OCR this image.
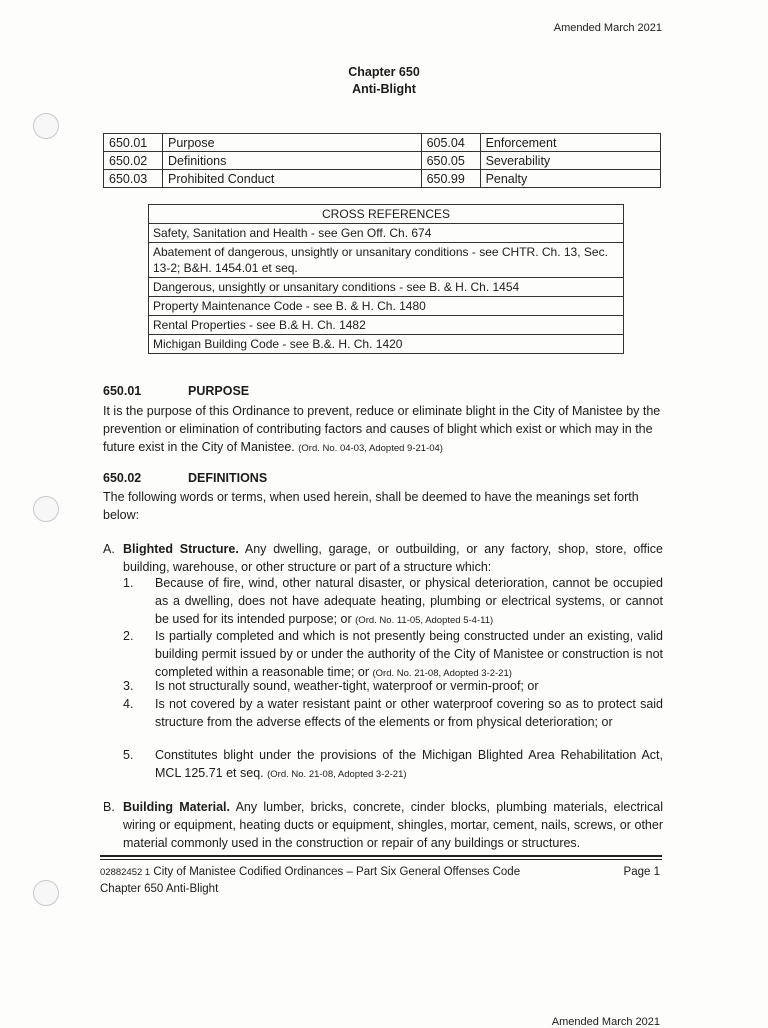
Amended March 2021
Chapter 650
Anti-Blight
650.01	Purpose	605.04	Enforcement
650.02	Definitions	650.05	Severability
650.03	Prohibited Conduct	650.99	Penalty
CROSS REFERENCES
Safety, Sanitation and Health - see Gen Off. Ch. 674
Abatement of dangerous, unsightly or unsanitary conditions - see CHTR. Ch. 13, Sec. 13-2; B&H. 1454.01 et seq.
Dangerous, unsightly or unsanitary conditions - see B. & H. Ch. 1454
Property Maintenance Code - see B. & H. Ch. 1480
Rental Properties - see B.& H. Ch. 1482
Michigan Building Code - see B.&. H. Ch. 1420
650.01	PURPOSE
It is the purpose of this Ordinance to prevent, reduce or eliminate blight in the City of Manistee by the prevention or elimination of contributing factors and causes of blight which exist or which may in the future exist in the City of Manistee. (Ord. No. 04-03, Adopted 9-21-04)
650.02	DEFINITIONS
The following words or terms, when used herein, shall be deemed to have the meanings set forth below:
A. Blighted Structure. Any dwelling, garage, or outbuilding, or any factory, shop, store, office building, warehouse, or other structure or part of a structure which:
1. Because of fire, wind, other natural disaster, or physical deterioration, cannot be occupied as a dwelling, does not have adequate heating, plumbing or electrical systems, or cannot be used for its intended purpose; or (Ord. No. 11-05, Adopted 5-4-11)
2. Is partially completed and which is not presently being constructed under an existing, valid building permit issued by or under the authority of the City of Manistee or construction is not completed within a reasonable time; or (Ord. No. 21-08, Adopted 3-2-21)
3. Is not structurally sound, weather-tight, waterproof or vermin-proof; or
4. Is not covered by a water resistant paint or other waterproof covering so as to protect said structure from the adverse effects of the elements or from physical deterioration; or
5. Constitutes blight under the provisions of the Michigan Blighted Area Rehabilitation Act, MCL 125.71 et seq. (Ord. No. 21-08, Adopted 3-2-21)
B. Building Material. Any lumber, bricks, concrete, cinder blocks, plumbing materials, electrical wiring or equipment, heating ducts or equipment, shingles, mortar, cement, nails, screws, or other material commonly used in the construction or repair of any buildings or structures.
02882452 1 City of Manistee Codified Ordinances – Part Six General Offenses Code
Chapter 650 Anti-Blight
Page 1
Amended March 2021
